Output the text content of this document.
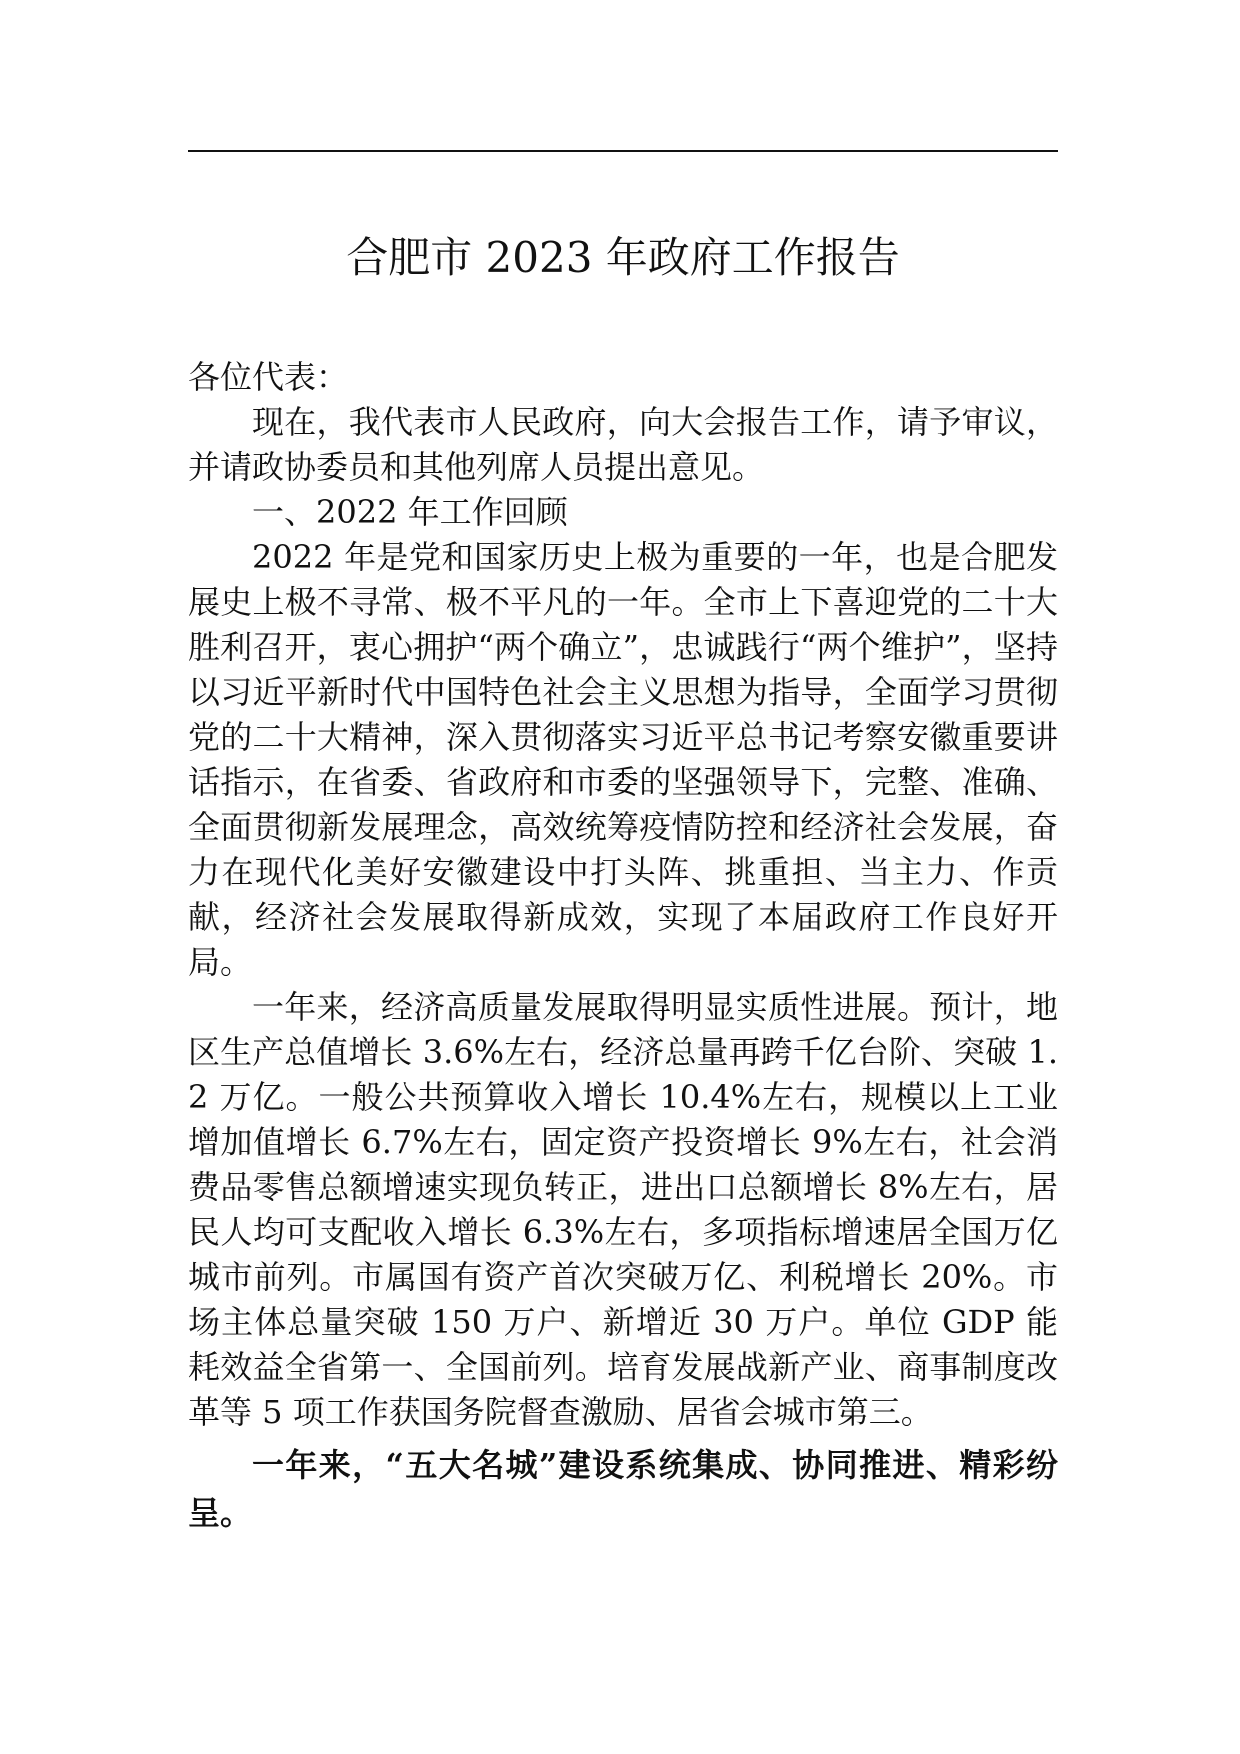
合肥市 2023 年政府工作报告

各位代表：

现在，我代表市人民政府，向大会报告工作，请予审议，并请政协委员和其他列席人员提出意见。

一、2022 年工作回顾

2022 年是党和国家历史上极为重要的一年，也是合肥发展史上极不寻常、极不平凡的一年。全市上下喜迎党的二十大胜利召开，衷心拥护“两个确立”，忠诚践行“两个维护”，坚持以习近平新时代中国特色社会主义思想为指导，全面学习贯彻党的二十大精神，深入贯彻落实习近平总书记考察安徽重要讲话指示，在省委、省政府和市委的坚强领导下，完整、准确、全面贯彻新发展理念，高效统筹疫情防控和经济社会发展，奋力在现代化美好安徽建设中打头阵、挑重担、当主力、作贡献，经济社会发展取得新成效，实现了本届政府工作良好开局。

一年来，经济高质量发展取得明显实质性进展。预计，地区生产总值增长 3.6%左右，经济总量再跨千亿台阶、突破 1.2 万亿。一般公共预算收入增长 10.4%左右，规模以上工业增加值增长 6.7%左右，固定资产投资增长 9%左右，社会消费品零售总额增速实现负转正，进出口总额增长 8%左右，居民人均可支配收入增长 6.3%左右，多项指标增速居全国万亿城市前列。市属国有资产首次突破万亿、利税增长 20%。市场主体总量突破 150 万户、新增近 30 万户。单位 GDP 能耗效益全省第一、全国前列。培育发展战新产业、商事制度改革等 5 项工作获国务院督查激励、居省会城市第三。

一年来，“五大名城”建设系统集成、协同推进、精彩纷呈。
